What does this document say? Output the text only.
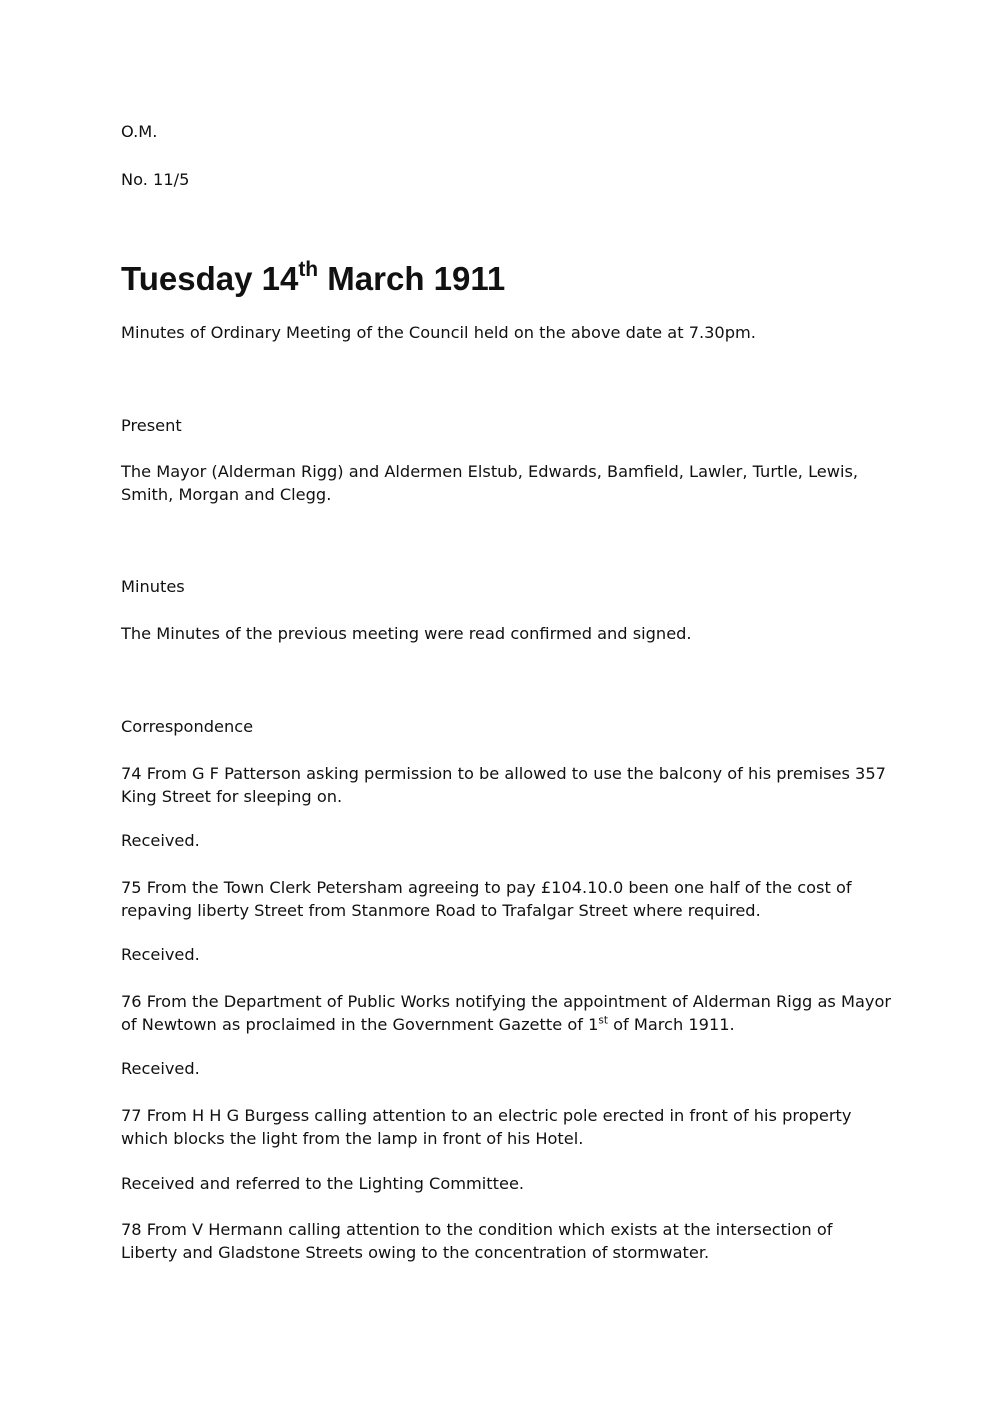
O.M.

No. 11/5

Tuesday 14th March 1911

Minutes of Ordinary Meeting of the Council held on the above date at 7.30pm.

Present

The Mayor (Alderman Rigg) and Aldermen Elstub, Edwards, Bamfield, Lawler, Turtle, Lewis, Smith, Morgan and Clegg.

Minutes

The Minutes of the previous meeting were read confirmed and signed.

Correspondence

74 From G F Patterson asking permission to be allowed to use the balcony of his premises 357 King Street for sleeping on.

Received.

75 From the Town Clerk Petersham agreeing to pay £104.10.0 been one half of the cost of repaving liberty Street from Stanmore Road to Trafalgar Street where required.

Received.

76 From the Department of Public Works notifying the appointment of Alderman Rigg as Mayor of Newtown as proclaimed in the Government Gazette of 1st of March 1911.

Received.

77 From H H G Burgess calling attention to an electric pole erected in front of his property which blocks the light from the lamp in front of his Hotel.

Received and referred to the Lighting Committee.

78 From V Hermann calling attention to the condition which exists at the intersection of Liberty and Gladstone Streets owing to the concentration of stormwater.
